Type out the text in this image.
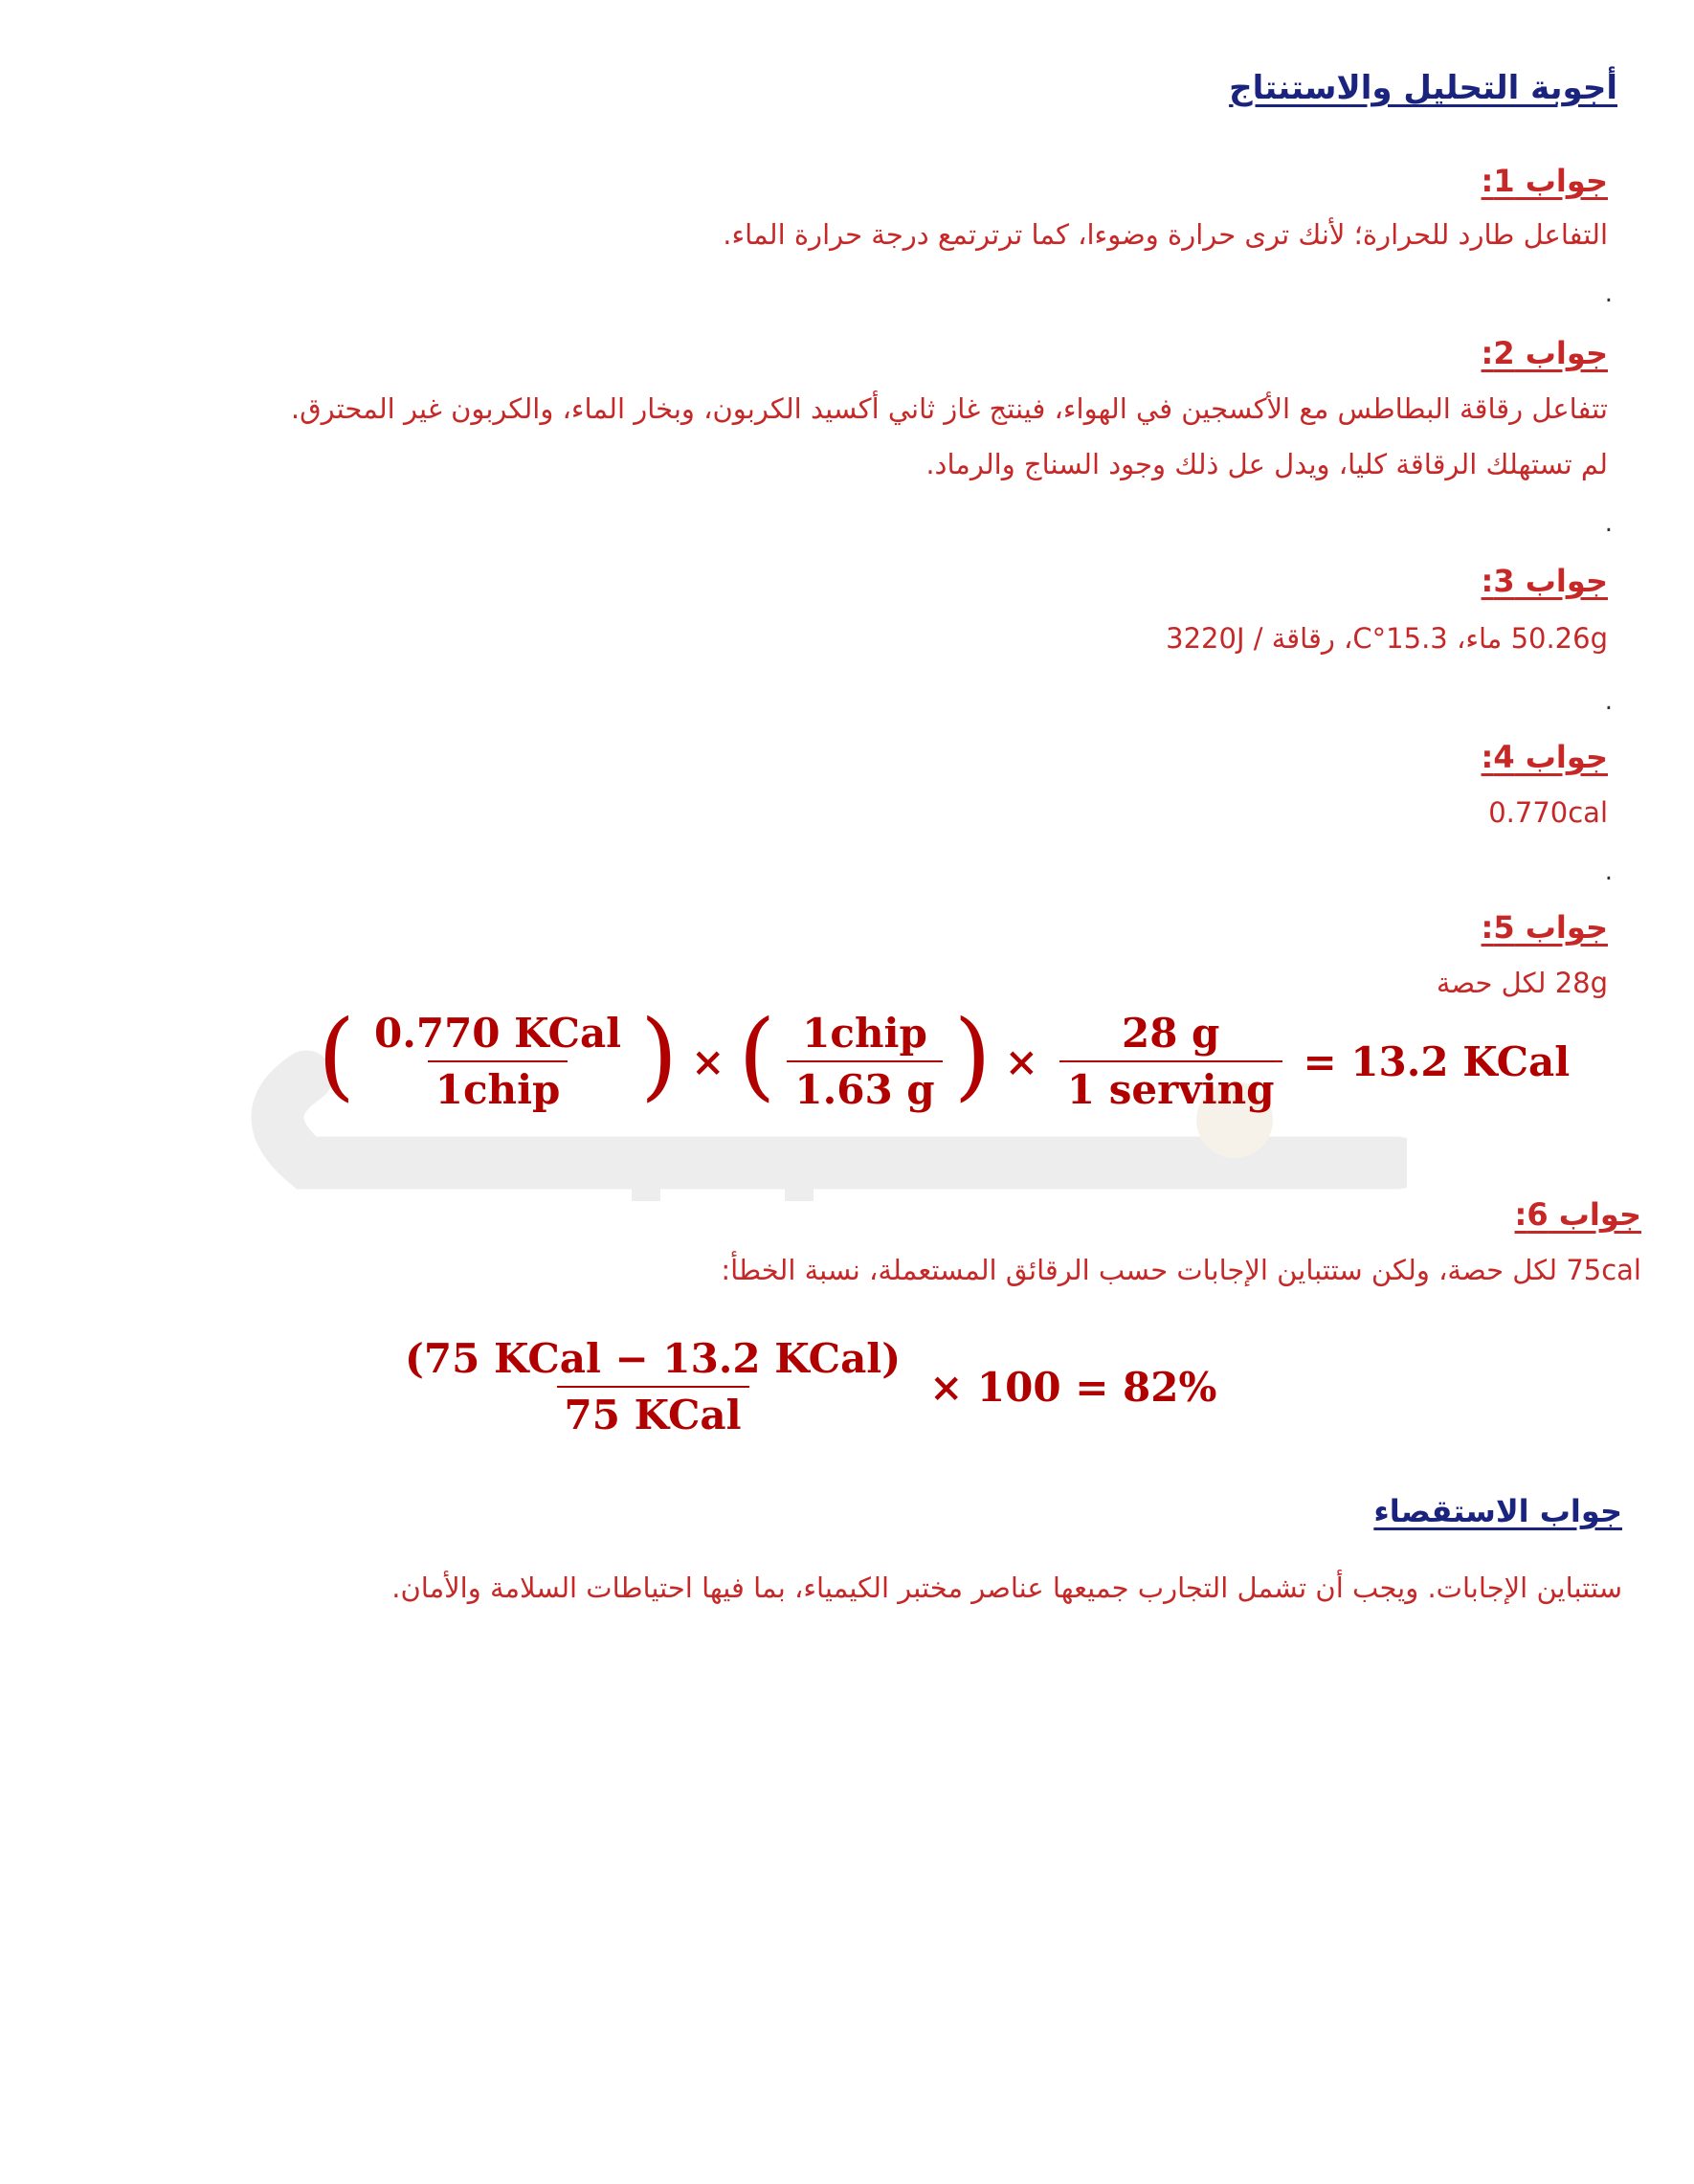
أجوبة التحليل والاستنتاج
جواب 1:
التفاعل طارد للحرارة؛ لأنك ترى حرارة وضوءا، كما ترترتمع درجة حرارة الماء.
.
جواب 2:
تتفاعل رقاقة البطاطس مع الأكسجين في الهواء، فينتج غاز ثاني أكسيد الكربون، وبخار الماء، والكربون غير المحترق.
لم تستهلك الرقاقة كليا، ويدل عل ذلك وجود السناج والرماد.
.
جواب 3:
50.26g ماء، 15.3°C، رقاقة / 3220J
.
جواب 4:
0.770cal
.
جواب 5:
28g لكل حصة
( $\frac{\text{0.770 KCal}}{\text{1chip}}$ ) × ( $\frac{\text{1chip}}{1.63 g}$ ) × $\frac{28 g}{\text{1 serving}} = 13.2$ KCal
جواب 6:
75cal لكل حصة، ولكن ستتباين الإجابات حسب الرقائق المستعملة، نسبة الخطأ:
$\frac{\text{(75 KCal − 13.2 KCal)}}{\text{75 KCal}} \times 100 = 82\%$
جواب الاستقصاء
ستتباين الإجابات. ويجب أن تشمل التجارب جميعها عناصر مختبر الكيمياء، بما فيها احتياطات السلامة والأمان.
